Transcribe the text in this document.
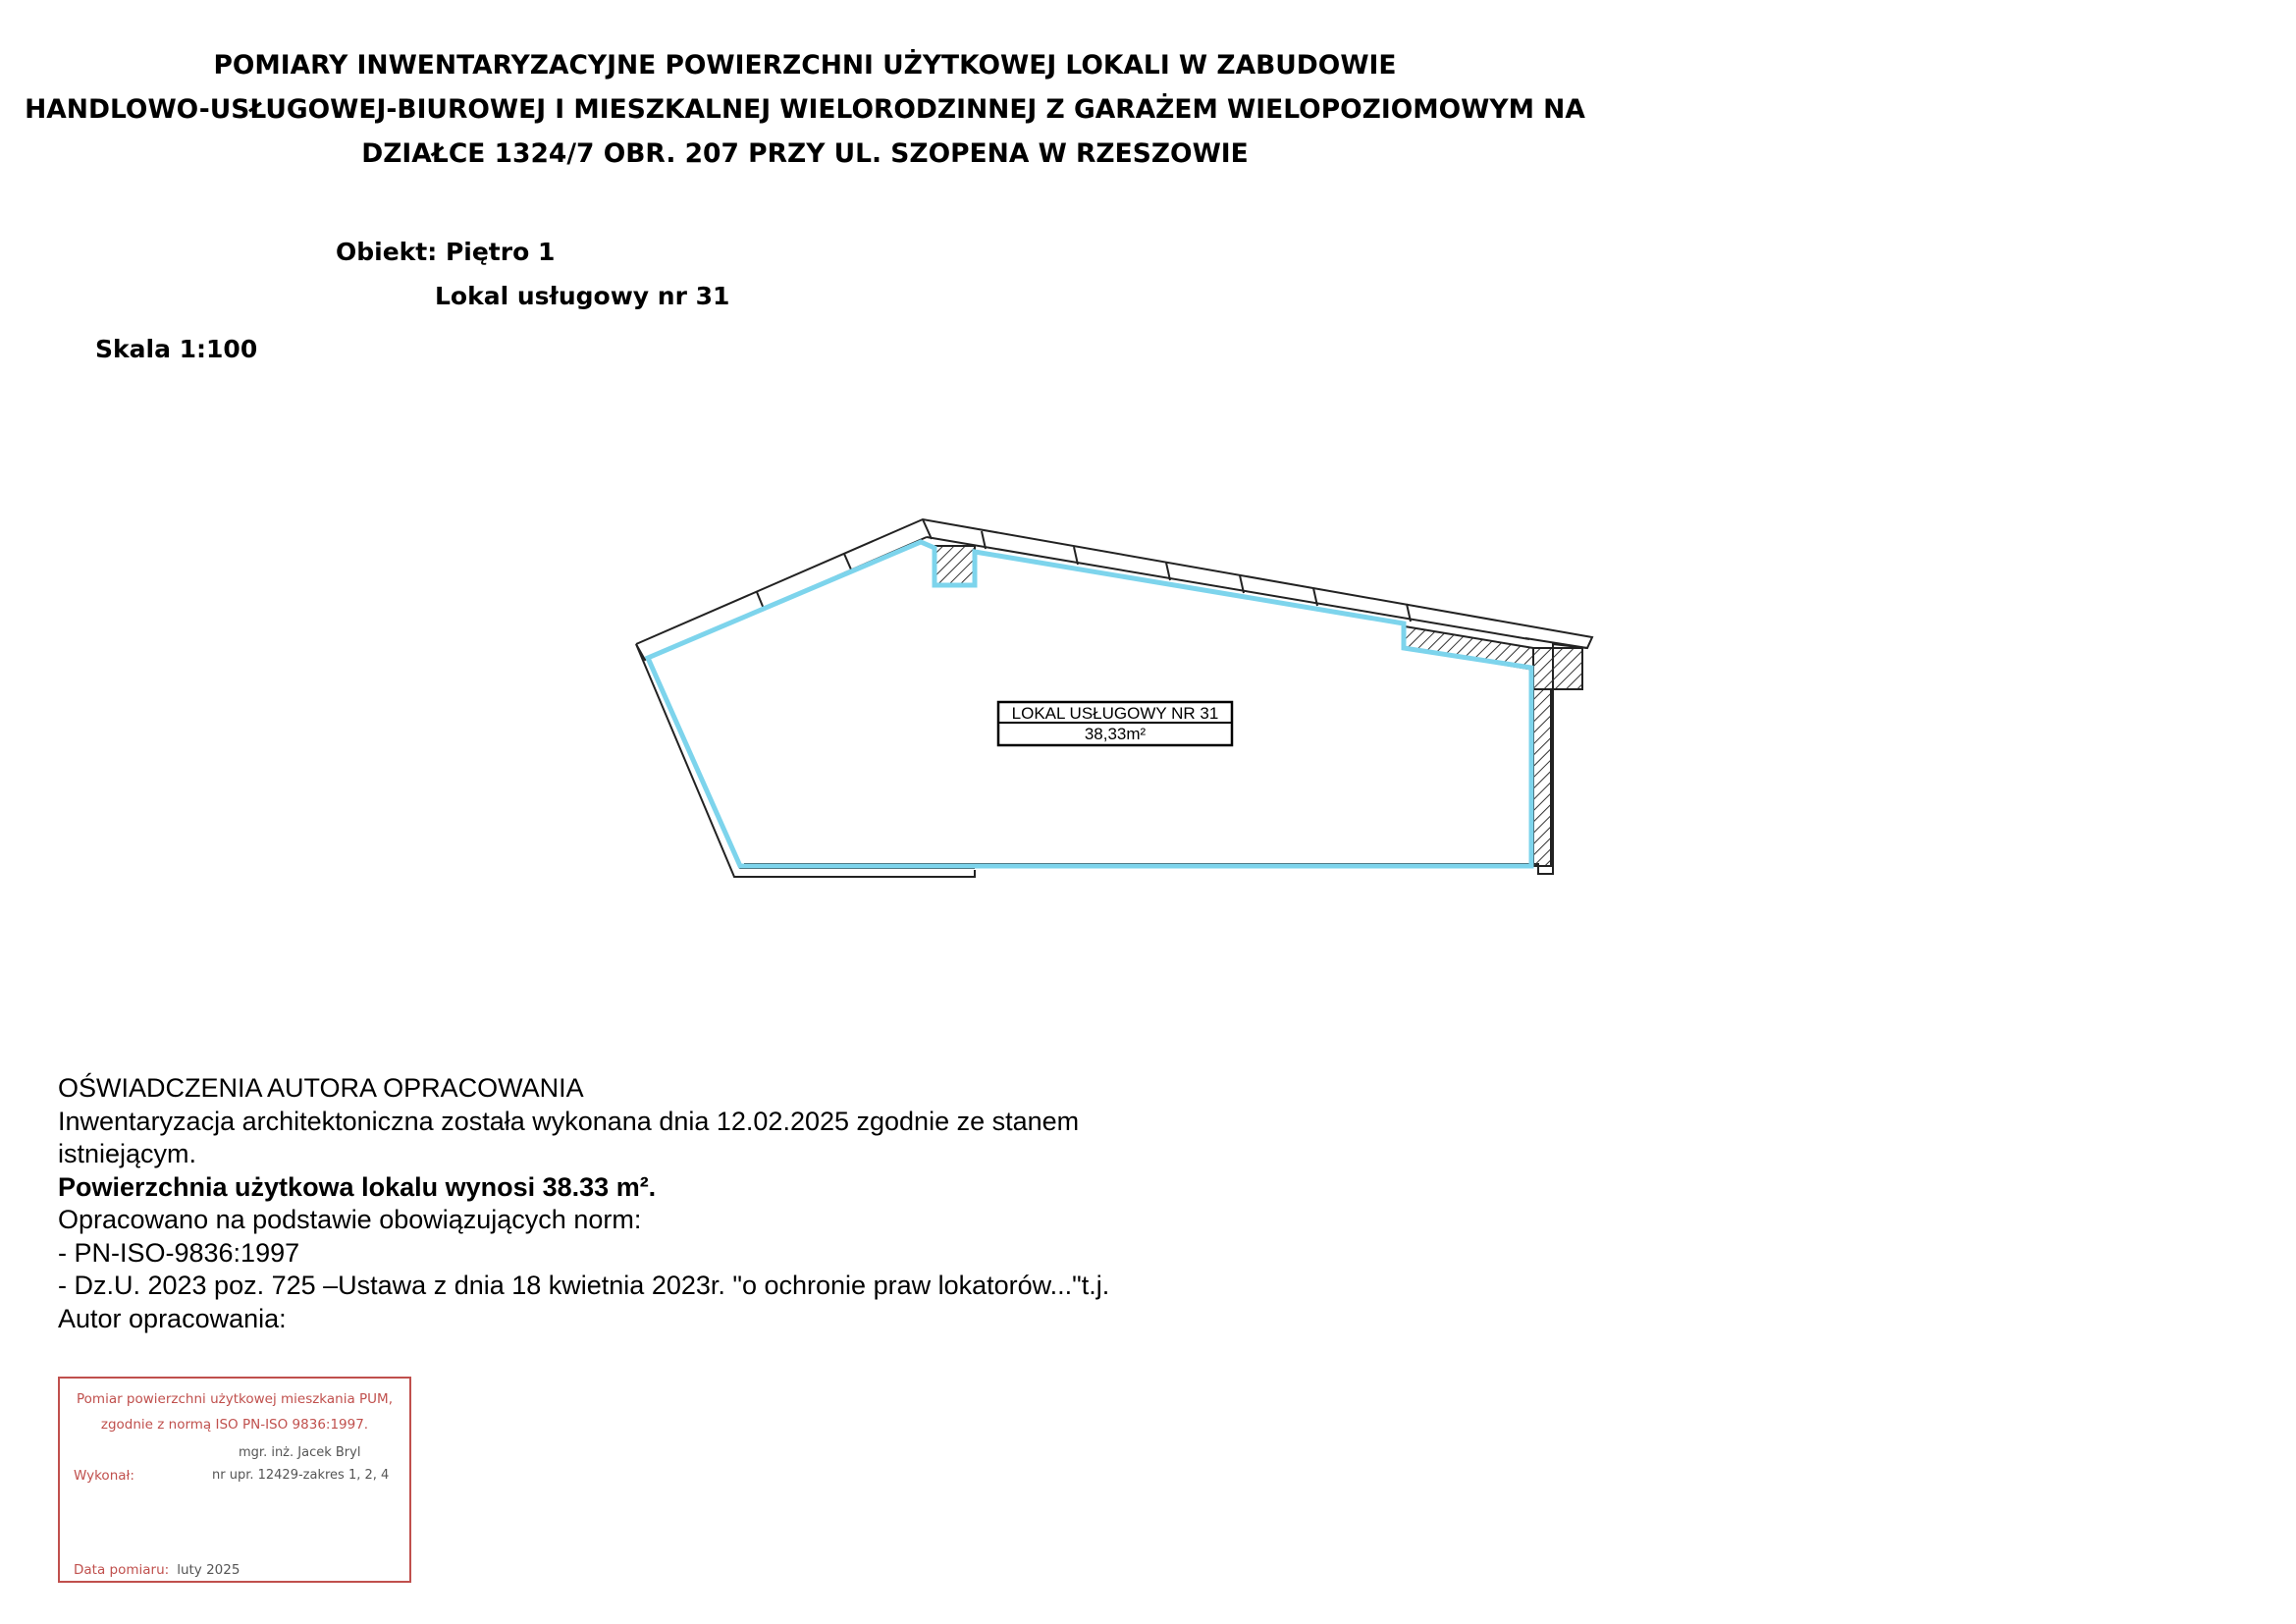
POMIARY INWENTARYZACYJNE POWIERZCHNI UŻYTKOWEJ LOKALI W ZABUDOWIE
HANDLOWO-USŁUGOWEJ-BIUROWEJ I MIESZKALNEJ WIELORODZINNEJ Z GARAŻEM WIELOPOZIOMOWYM NA
DZIAŁCE 1324/7 OBR. 207 PRZY UL. SZOPENA W RZESZOWIE
Obiekt: Piętro 1
Lokal usługowy nr 31
Skala 1:100
LOKAL USŁUGOWY NR 31
38,33m²
OŚWIADCZENIA AUTORA OPRACOWANIA
Inwentaryzacja architektoniczna została wykonana dnia 12.02.2025 zgodnie ze stanem
istniejącym.
Powierzchnia użytkowa lokalu wynosi 38.33 m².
Opracowano na podstawie obowiązujących norm:
- PN-ISO-9836:1997
- Dz.U. 2023 poz. 725 –Ustawa z dnia 18 kwietnia 2023r. "o ochronie praw lokatorów..."t.j.
Autor opracowania:
Pomiar powierzchni użytkowej mieszkania PUM,
zgodnie z normą ISO PN-ISO 9836:1997.
mgr. inż. Jacek Bryl
Wykonał:	nr upr. 12429-zakres 1, 2, 4
Data pomiaru: luty 2025
